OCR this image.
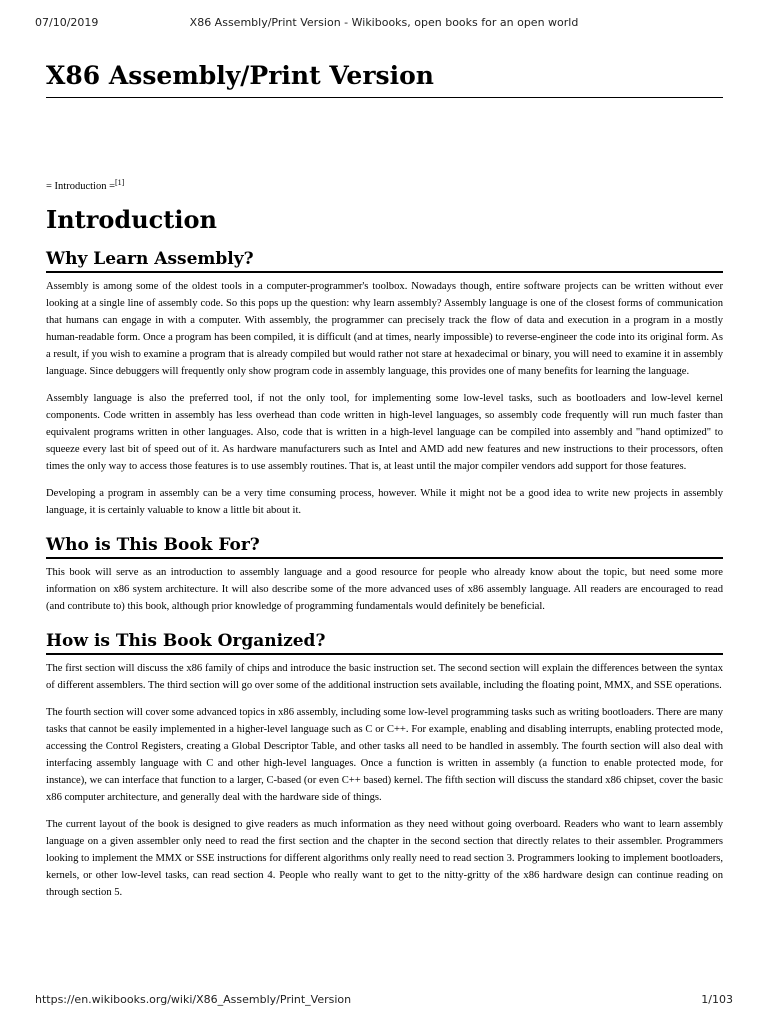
07/10/2019	X86 Assembly/Print Version - Wikibooks, open books for an open world
X86 Assembly/Print Version
= Introduction =[1]
Introduction
Why Learn Assembly?

Assembly is among some of the oldest tools in a computer-programmer's toolbox. Nowadays though, entire software projects can be written without ever looking at a single line of assembly code. So this pops up the question: why learn assembly? Assembly language is one of the closest forms of communication that humans can engage in with a computer. With assembly, the programmer can precisely track the flow of data and execution in a program in a mostly human-readable form. Once a program has been compiled, it is difficult (and at times, nearly impossible) to reverse-engineer the code into its original form. As a result, if you wish to examine a program that is already compiled but would rather not stare at hexadecimal or binary, you will need to examine it in assembly language. Since debuggers will frequently only show program code in assembly language, this provides one of many benefits for learning the language.

Assembly language is also the preferred tool, if not the only tool, for implementing some low-level tasks, such as bootloaders and low-level kernel components. Code written in assembly has less overhead than code written in high-level languages, so assembly code frequently will run much faster than equivalent programs written in other languages. Also, code that is written in a high-level language can be compiled into assembly and "hand optimized" to squeeze every last bit of speed out of it. As hardware manufacturers such as Intel and AMD add new features and new instructions to their processors, often times the only way to access those features is to use assembly routines. That is, at least until the major compiler vendors add support for those features.

Developing a program in assembly can be a very time consuming process, however. While it might not be a good idea to write new projects in assembly language, it is certainly valuable to know a little bit about it.

Who is This Book For?

This book will serve as an introduction to assembly language and a good resource for people who already know about the topic, but need some more information on x86 system architecture. It will also describe some of the more advanced uses of x86 assembly language. All readers are encouraged to read (and contribute to) this book, although prior knowledge of programming fundamentals would definitely be beneficial.

How is This Book Organized?

The first section will discuss the x86 family of chips and introduce the basic instruction set. The second section will explain the differences between the syntax of different assemblers. The third section will go over some of the additional instruction sets available, including the floating point, MMX, and SSE operations.

The fourth section will cover some advanced topics in x86 assembly, including some low-level programming tasks such as writing bootloaders. There are many tasks that cannot be easily implemented in a higher-level language such as C or C++. For example, enabling and disabling interrupts, enabling protected mode, accessing the Control Registers, creating a Global Descriptor Table, and other tasks all need to be handled in assembly. The fourth section will also deal with interfacing assembly language with C and other high-level languages. Once a function is written in assembly (a function to enable protected mode, for instance), we can interface that function to a larger, C-based (or even C++ based) kernel. The fifth section will discuss the standard x86 chipset, cover the basic x86 computer architecture, and generally deal with the hardware side of things.

The current layout of the book is designed to give readers as much information as they need without going overboard. Readers who want to learn assembly language on a given assembler only need to read the first section and the chapter in the second section that directly relates to their assembler. Programmers looking to implement the MMX or SSE instructions for different algorithms only really need to read section 3. Programmers looking to implement bootloaders, kernels, or other low-level tasks, can read section 4. People who really want to get to the nitty-gritty of the x86 hardware design can continue reading on through section 5.

https://en.wikibooks.org/wiki/X86_Assembly/Print_Version	1/103
